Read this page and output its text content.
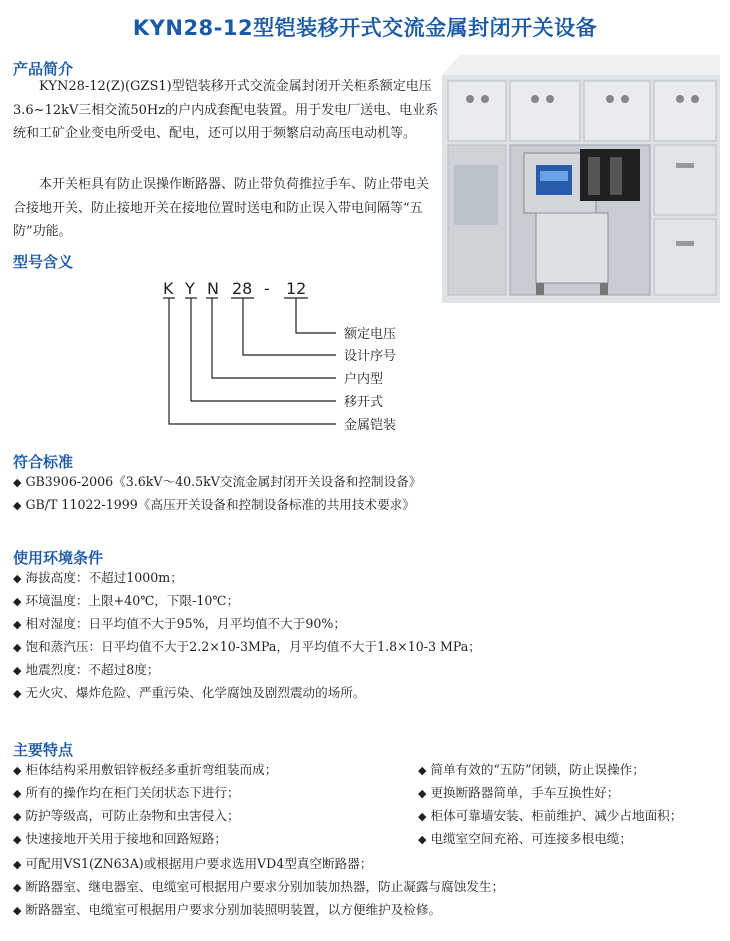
KYN28-12型铠装移开式交流金属封闭开关设备
产品简介
KYN28-12(Z)(GZS1)型铠装移开式交流金属封闭开关柜系额定电压3.6~12kV三相交流50Hz的户内成套配电装置。用于发电厂送电、电业系统和工矿企业变电所受电、配电，还可以用于频繁启动高压电动机等。
本开关柜具有防止误操作断路器、防止带负荷推拉手车、防止带电关合接地开关、防止接地开关在接地位置时送电和防止误入带电间隔等“五防”功能。
型号含义
K Y N 28 - 12
额定电压
设计序号
户内型
移开式
金属铠装
符合标准
◆ GB3906-2006《3.6kV～40.5kV交流金属封闭开关设备和控制设备》
◆ GB/T 11022-1999《高压开关设备和控制设备标准的共用技术要求》
使用环境条件
◆ 海拔高度：不超过1000m；
◆ 环境温度：上限+40℃，下限-10℃；
◆ 相对湿度：日平均值不大于95%，月平均值不大于90%；
◆ 饱和蒸汽压：日平均值不大于2.2×10-3MPa，月平均值不大于1.8×10-3 MPa；
◆ 地震烈度：不超过8度；
◆ 无火灾、爆炸危险、严重污染、化学腐蚀及剧烈震动的场所。
主要特点
◆ 柜体结构采用敷铝锌板经多重折弯组装而成；
◆ 所有的操作均在柜门关闭状态下进行；
◆ 防护等级高，可防止杂物和虫害侵入；
◆ 快速接地开关用于接地和回路短路；
◆ 简单有效的“五防”闭锁，防止误操作；
◆ 更换断路器简单，手车互换性好；
◆ 柜体可靠墙安装、柜前维护、减少占地面积；
◆ 电缆室空间充裕、可连接多根电缆；
◆ 可配用VS1(ZN63A)或根据用户要求选用VD4型真空断路器；
◆ 断路器室、继电器室、电缆室可根据用户要求分别加装加热器，防止凝露与腐蚀发生；
◆ 断路器室、电缆室可根据用户要求分别加装照明装置，以方便维护及检修。
